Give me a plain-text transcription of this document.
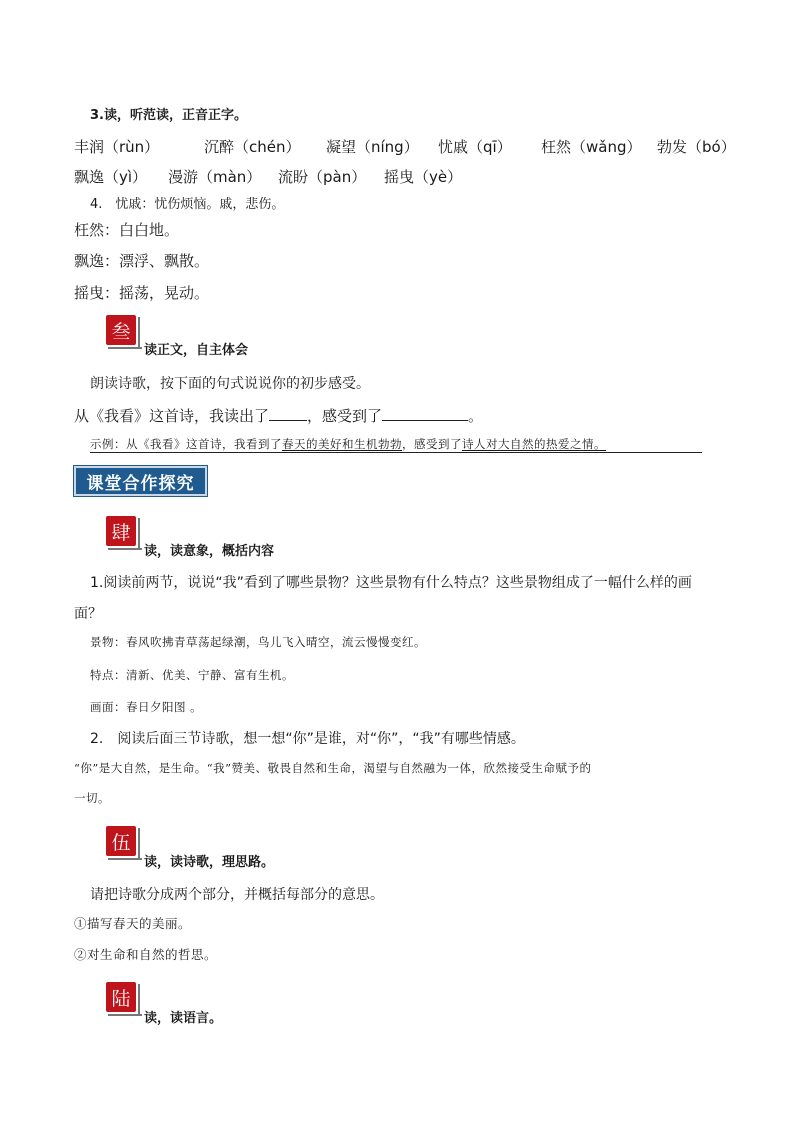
3.读，听范读，正音正字。
丰润（rùn）	沉醉（chén） 凝望（níng） 忧戚（qī） 枉然（wǎng） 勃发（bó）
飘逸（yì） 漫游（màn） 流盼（pàn） 摇曳（yè）
4.　忧戚：忧伤烦恼。戚，悲伤。
枉然：白白地。
飘逸：漂浮、飘散。
摇曳：摇荡，晃动。
叁
读正文，自主体会
朗读诗歌，按下面的句式说说你的初步感受。
从《我看》这首诗，我读出了	，感受到了	。
示例：从《我看》这首诗，我看到了春天的美好和生机勃勃，感受到了诗人对大自然的热爱之情。
课堂合作探究
肆
读，读意象，概括内容
1.阅读前两节，说说“我”看到了哪些景物？这些景物有什么特点？这些景物组成了一幅什么样的画
面？
景物：春风吹拂青草荡起绿潮，鸟儿飞入晴空，流云慢慢变红。
特点：清新、优美、宁静、富有生机。
画面：春日夕阳图 。
2.　阅读后面三节诗歌，想一想“你”是谁，对“你”，“我”有哪些情感。
“你”是大自然，是生命。“我”赞美、敬畏自然和生命，渴望与自然融为一体，欣然接受生命赋予的
一切。
伍
读，读诗歌，理思路。
请把诗歌分成两个部分，并概括每部分的意思。
①描写春天的美丽。
②对生命和自然的哲思。
陆
读，读语言。
